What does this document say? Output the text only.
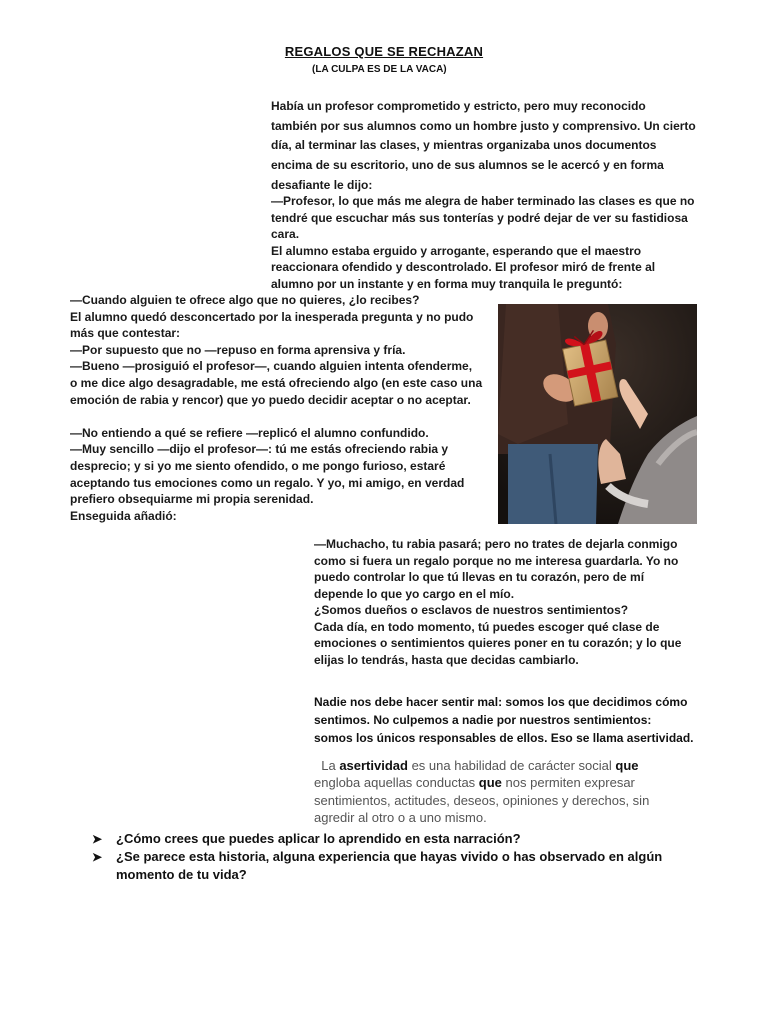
REGALOS QUE SE RECHAZAN
(LA CULPA ES DE LA VACA)
Había un profesor comprometido y estricto, pero muy reconocido
también por sus alumnos como un hombre justo y comprensivo. Un cierto
día, al terminar las clases, y mientras organizaba unos documentos
encima de su escritorio, uno de sus alumnos se le acercó y en forma
desafiante le dijo:
—Profesor, lo que más me alegra de haber terminado las clases es que no
tendré que escuchar más sus tonterías y podré dejar de ver su fastidiosa
cara.
El alumno estaba erguido y arrogante, esperando que el maestro
reaccionara ofendido y descontrolado. El profesor miró de frente al
alumno por un instante y en forma muy tranquila le preguntó:
—Cuando alguien te ofrece algo que no quieres, ¿lo recibes?
El alumno quedó desconcertado por la inesperada pregunta y no pudo
más que contestar:
—Por supuesto que no —repuso en forma aprensiva y fría.
—Bueno —prosiguió el profesor—, cuando alguien intenta ofenderme,
o me dice algo desagradable, me está ofreciendo algo (en este caso una
emoción de rabia y rencor) que yo puedo decidir aceptar o no aceptar.
—No entiendo a qué se refiere —replicó el alumno confundido.
—Muy sencillo —dijo el profesor—: tú me estás ofreciendo rabia y
desprecio; y si yo me siento ofendido, o me pongo furioso, estaré
aceptando tus emociones como un regalo. Y yo, mi amigo, en verdad
prefiero obsequiarme mi propia serenidad.
Enseguida añadió:
—Muchacho, tu rabia pasará; pero no trates de dejarla conmigo
como si fuera un regalo porque no me interesa guardarla. Yo no
puedo controlar lo que tú llevas en tu corazón, pero de mí
depende lo que yo cargo en el mío.
¿Somos dueños o esclavos de nuestros sentimientos?
Cada día, en todo momento, tú puedes escoger qué clase de
emociones o sentimientos quieres poner en tu corazón; y lo que
elijas lo tendrás, hasta que decidas cambiarlo.
Nadie nos debe hacer sentir mal: somos los que decidimos cómo
sentimos. No culpemos a nadie por nuestros sentimientos:
somos los únicos responsables de ellos. Eso se llama asertividad.
La asertividad es una habilidad de carácter social que
engloba aquellas conductas que nos permiten expresar
sentimientos, actitudes, deseos, opiniones y derechos, sin
agredir al otro o a uno mismo.
➤ ¿Cómo crees que puedes aplicar lo aprendido en esta narración?
➤ ¿Se parece esta historia, alguna experiencia que hayas vivido o has observado en algún momento de tu vida?
